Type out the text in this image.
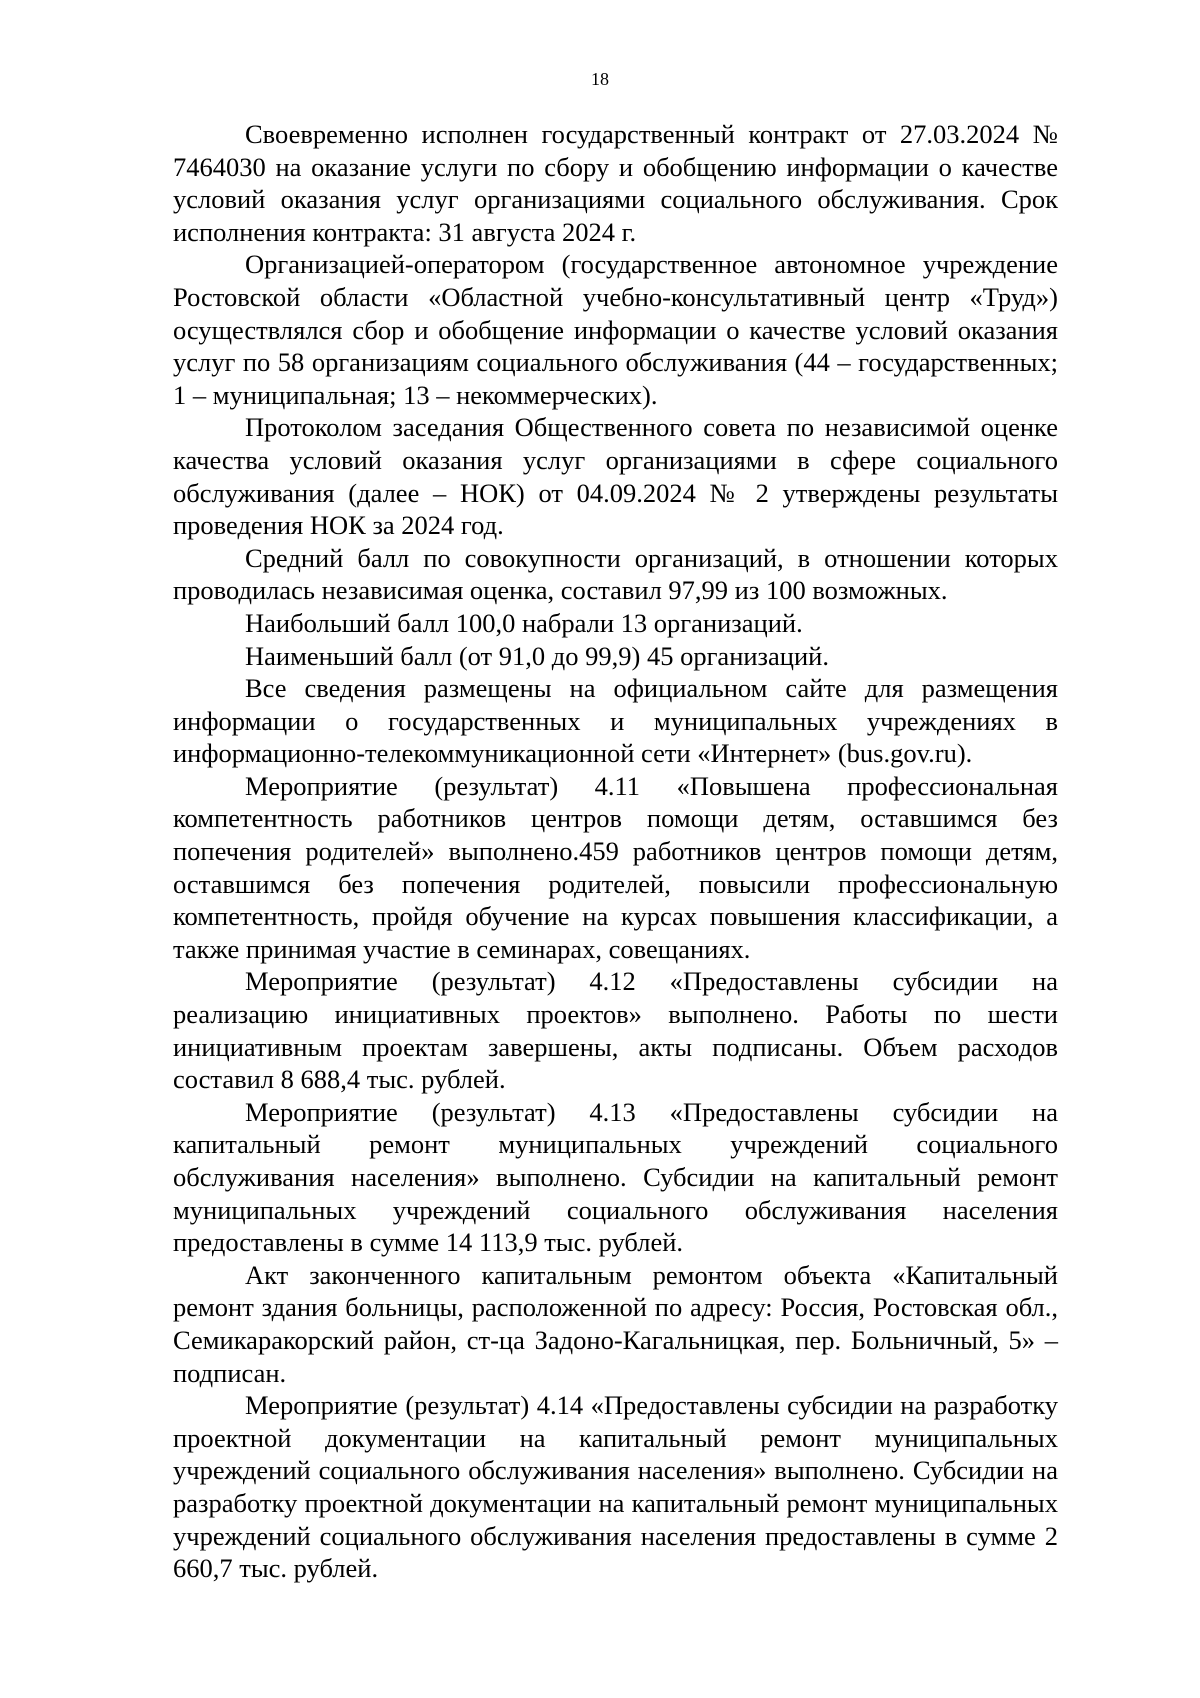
18

Своевременно исполнен государственный контракт от 27.03.2024 № 7464030 на оказание услуги по сбору и обобщению информации о качестве условий оказания услуг организациями социального обслуживания. Срок исполнения контракта: 31 августа 2024 г.

Организацией-оператором (государственное автономное учреждение Ростовской области «Областной учебно-консультативный центр «Труд») осуществлялся сбор и обобщение информации о качестве условий оказания услуг по 58 организациям социального обслуживания (44 – государственных; 1 – муниципальная; 13 – некоммерческих).

Протоколом заседания Общественного совета по независимой оценке качества условий оказания услуг организациями в сфере социального обслуживания (далее – НОК) от 04.09.2024 № 2 утверждены результаты проведения НОК за 2024 год.

Средний балл по совокупности организаций, в отношении которых проводилась независимая оценка, составил 97,99 из 100 возможных.

Наибольший балл 100,0 набрали 13 организаций.

Наименьший балл (от 91,0 до 99,9) 45 организаций.

Все сведения размещены на официальном сайте для размещения информации о государственных и муниципальных учреждениях в информационно-телекоммуникационной сети «Интернет» (bus.gov.ru).

Мероприятие (результат) 4.11 «Повышена профессиональная компетентность работников центров помощи детям, оставшимся без попечения родителей» выполнено.459 работников центров помощи детям, оставшимся без попечения родителей, повысили профессиональную компетентность, пройдя обучение на курсах повышения классификации, а также принимая участие в семинарах, совещаниях.

Мероприятие (результат) 4.12 «Предоставлены субсидии на реализацию инициативных проектов» выполнено. Работы по шести инициативным проектам завершены, акты подписаны. Объем расходов составил 8 688,4 тыс. рублей.

Мероприятие (результат) 4.13 «Предоставлены субсидии на капитальный ремонт муниципальных учреждений социального обслуживания населения» выполнено. Субсидии на капитальный ремонт муниципальных учреждений социального обслуживания населения предоставлены в сумме 14 113,9 тыс. рублей.

Акт законченного капитальным ремонтом объекта «Капитальный ремонт здания больницы, расположенной по адресу: Россия, Ростовская обл., Семикаракорский район, ст-ца Задоно-Кагальницкая, пер. Больничный, 5» – подписан.

Мероприятие (результат) 4.14 «Предоставлены субсидии на разработку проектной документации на капитальный ремонт муниципальных учреждений социального обслуживания населения» выполнено. Субсидии на разработку проектной документации на капитальный ремонт муниципальных учреждений социального обслуживания населения предоставлены в сумме 2 660,7 тыс. рублей.
